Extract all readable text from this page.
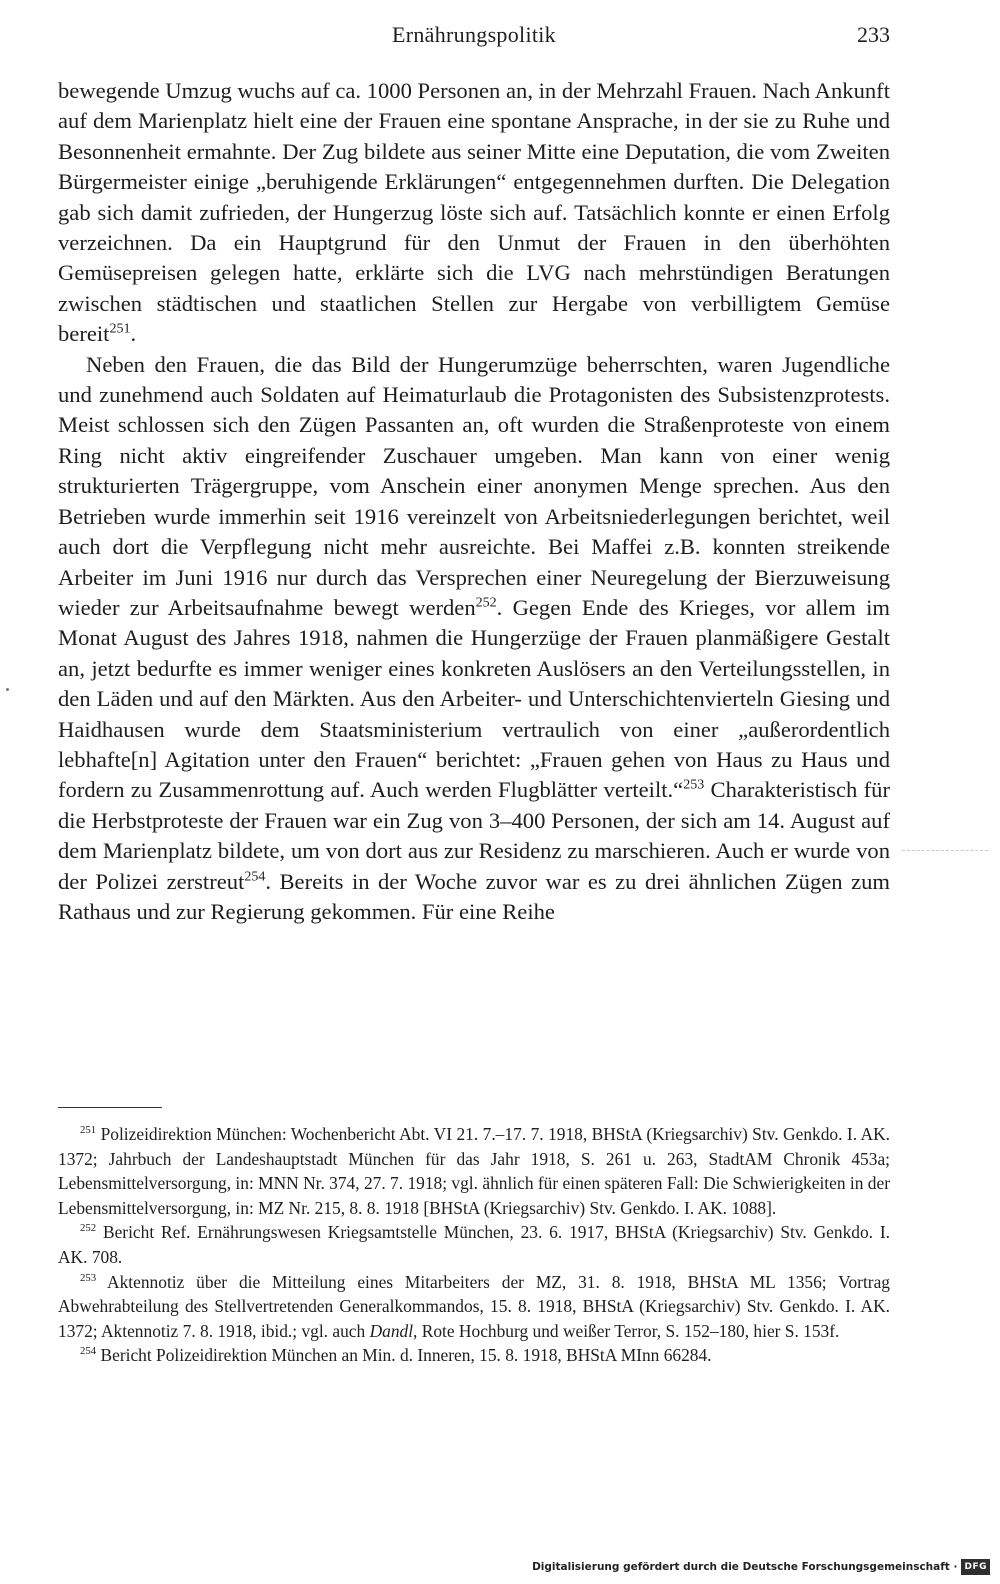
Ernährungspolitik	233

bewegende Umzug wuchs auf ca. 1000 Personen an, in der Mehrzahl Frauen. Nach Ankunft auf dem Marienplatz hielt eine der Frauen eine spontane Ansprache, in der sie zu Ruhe und Besonnenheit ermahnte. Der Zug bildete aus seiner Mitte eine Deputation, die vom Zweiten Bürgermeister einige „beruhigende Erklärungen“ entgegennehmen durften. Die Delegation gab sich damit zufrieden, der Hungerzug löste sich auf. Tatsächlich konnte er einen Erfolg verzeichnen. Da ein Hauptgrund für den Unmut der Frauen in den überhöhten Gemüsepreisen gelegen hatte, erklärte sich die LVG nach mehrstündigen Beratungen zwischen städtischen und staatlichen Stellen zur Hergabe von verbilligtem Gemüse bereit$^{251}$.

Neben den Frauen, die das Bild der Hungerumzüge beherrschten, waren Jugendliche und zunehmend auch Soldaten auf Heimaturlaub die Protagonisten des Subsistenzprotests. Meist schlossen sich den Zügen Passanten an, oft wurden die Straßenproteste von einem Ring nicht aktiv eingreifender Zuschauer umgeben. Man kann von einer wenig strukturierten Trägergruppe, vom Anschein einer anonymen Menge sprechen. Aus den Betrieben wurde immerhin seit 1916 vereinzelt von Arbeitsniederlegungen berichtet, weil auch dort die Verpflegung nicht mehr ausreichte. Bei Maffei z.B. konnten streikende Arbeiter im Juni 1916 nur durch das Versprechen einer Neuregelung der Bierzuweisung wieder zur Arbeitsaufnahme bewegt werden$^{252}$. Gegen Ende des Krieges, vor allem im Monat August des Jahres 1918, nahmen die Hungerzüge der Frauen planmäßigere Gestalt an, jetzt bedurfte es immer weniger eines konkreten Auslösers an den Verteilungsstellen, in den Läden und auf den Märkten. Aus den Arbeiter- und Unterschichtenvierteln Giesing und Haidhausen wurde dem Staatsministerium vertraulich von einer „außerordentlich lebhafte[n] Agitation unter den Frauen“ berichtet: „Frauen gehen von Haus zu Haus und fordern zu Zusammenrottung auf. Auch werden Flugblätter verteilt.“$^{253}$ Charakteristisch für die Herbstproteste der Frauen war ein Zug von 3–400 Personen, der sich am 14. August auf dem Marienplatz bildete, um von dort aus zur Residenz zu marschieren. Auch er wurde von der Polizei zerstreut$^{254}$. Bereits in der Woche zuvor war es zu drei ähnlichen Zügen zum Rathaus und zur Regierung gekommen. Für eine Reihe

$^{251}$ Polizeidirektion München: Wochenbericht Abt. VI 21. 7.–17. 7. 1918, BHStA (Kriegsarchiv) Stv. Genkdo. I. AK. 1372; Jahrbuch der Landeshauptstadt München für das Jahr 1918, S. 261 u. 263, StadtAM Chronik 453a; Lebensmittelversorgung, in: MNN Nr. 374, 27. 7. 1918; vgl. ähnlich für einen späteren Fall: Die Schwierigkeiten in der Lebensmittelversorgung, in: MZ Nr. 215, 8. 8. 1918 [BHStA (Kriegsarchiv) Stv. Genkdo. I. AK. 1088].

$^{252}$ Bericht Ref. Ernährungswesen Kriegsamtstelle München, 23. 6. 1917, BHStA (Kriegsarchiv) Stv. Genkdo. I. AK. 708.

$^{253}$ Aktennotiz über die Mitteilung eines Mitarbeiters der MZ, 31. 8. 1918, BHStA ML 1356; Vortrag Abwehrabteilung des Stellvertretenden Generalkommandos, 15. 8. 1918, BHStA (Kriegsarchiv) Stv. Genkdo. I. AK. 1372; Aktennotiz 7. 8. 1918, ibid.; vgl. auch Dandl, Rote Hochburg und weißer Terror, S. 152–180, hier S. 153f.

$^{254}$ Bericht Polizeidirektion München an Min. d. Inneren, 15. 8. 1918, BHStA MInn 66284.

Digitalisierung gefördert durch die Deutsche Forschungsgemeinschaft · DFG
